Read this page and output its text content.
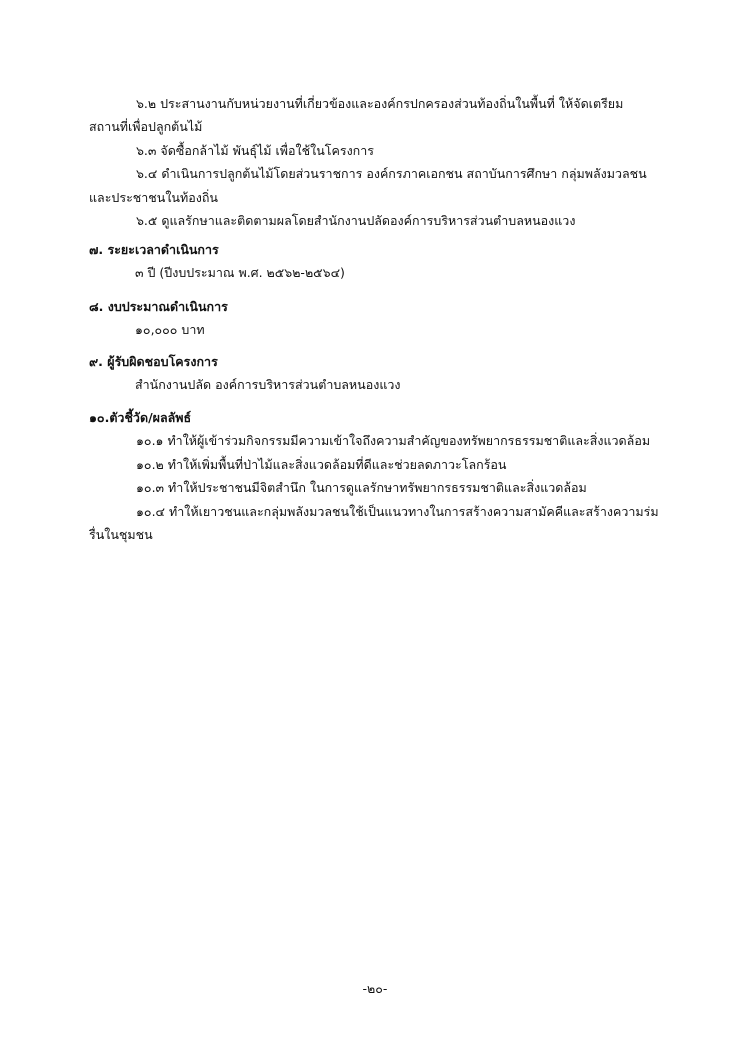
๖.๒ ประสานงานกับหน่วยงานที่เกี่ยวข้องและองค์กรปกครองส่วนท้องถิ่นในพื้นที่ ให้จัดเตรียม

สถานที่เพื่อปลูกต้นไม้

๖.๓ จัดซื้อกล้าไม้ พันธุ์ไม้ เพื่อใช้ในโครงการ

๖.๔ ดำเนินการปลูกต้นไม้โดยส่วนราชการ องค์กรภาคเอกชน สถาบันการศึกษา กลุ่มพลังมวลชน

และประชาชนในท้องถิ่น

๖.๕ ดูแลรักษาและติดตามผลโดยสำนักงานปลัดองค์การบริหารส่วนตำบลหนองแวง

๗. ระยะเวลาดำเนินการ

๓ ปี (ปีงบประมาณ พ.ศ. ๒๕๖๒-๒๕๖๔)

๘. งบประมาณดำเนินการ

๑๐,๐๐๐ บาท

๙. ผู้รับผิดชอบโครงการ

สำนักงานปลัด องค์การบริหารส่วนตำบลหนองแวง

๑๐.ตัวชี้วัด/ผลลัพธ์

๑๐.๑ ทำให้ผู้เข้าร่วมกิจกรรมมีความเข้าใจถึงความสำคัญของทรัพยากรธรรมชาติและสิ่งแวดล้อม

๑๐.๒ ทำให้เพิ่มพื้นที่ป่าไม้และสิ่งแวดล้อมที่ดีและช่วยลดภาวะโลกร้อน

๑๐.๓ ทำให้ประชาชนมีจิตสำนึก ในการดูแลรักษาทรัพยากรธรรมชาติและสิ่งแวดล้อม

๑๐.๔ ทำให้เยาวชนและกลุ่มพลังมวลชนใช้เป็นแนวทางในการสร้างความสามัคคีและสร้างความร่ม

รื่นในชุมชน

-๒๐-
